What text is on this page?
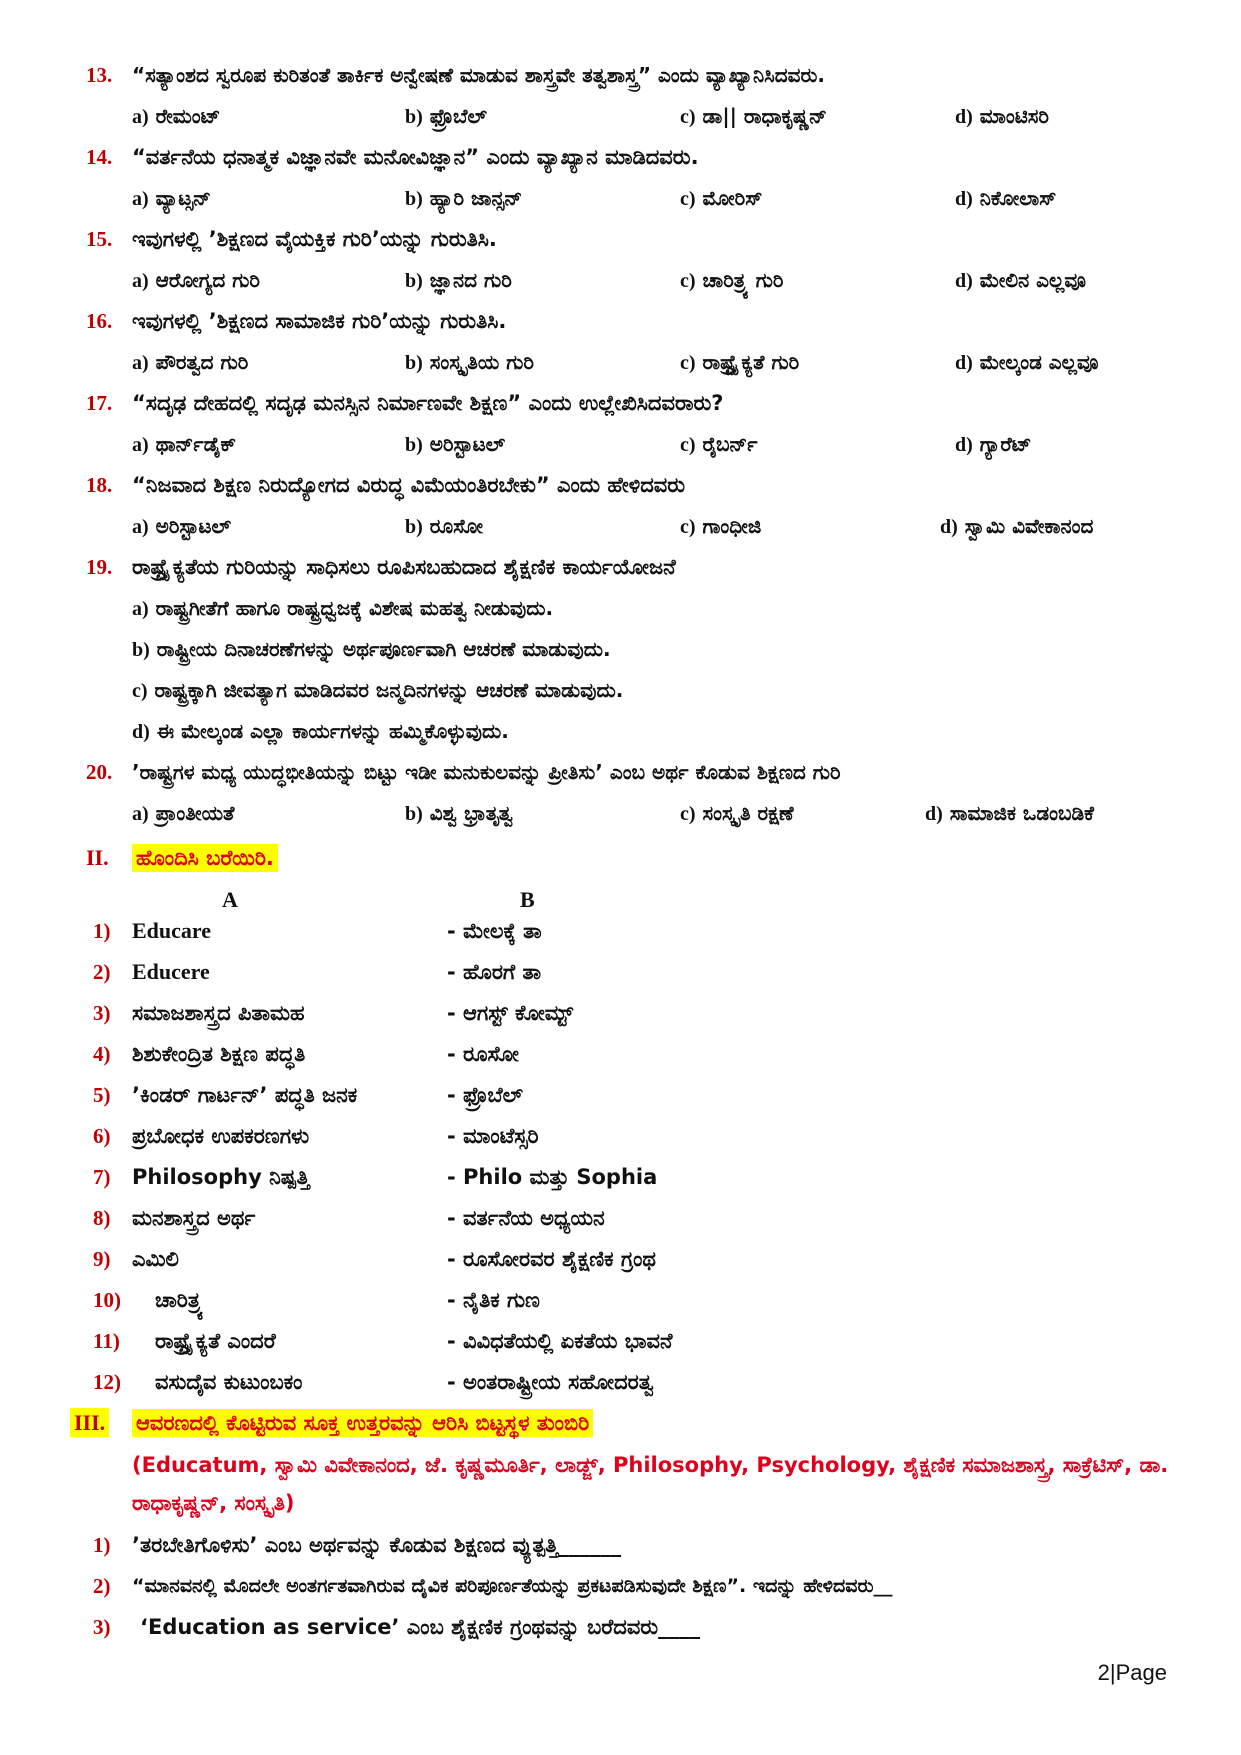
13. “ಸತ್ಯಾಂಶದ ಸ್ವರೂಪ ಕುರಿತಂತೆ ತಾರ್ಕಿಕ ಅನ್ವೇಷಣೆ ಮಾಡುವ ಶಾಸ್ತ್ರವೇ ತತ್ವಶಾಸ್ತ್ರ” ಎಂದು ವ್ಯಾಖ್ಯಾನಿಸಿದವರು.
a) ರೇಮಂಟ್	b) ಫ್ರೊಬೆಲ್	c) ಡಾ|| ರಾಧಾಕೃಷ್ಣನ್	d) ಮಾಂಟಿಸರಿ
14. “ವರ್ತನೆಯ ಧನಾತ್ಮಕ ವಿಜ್ಞಾನವೇ ಮನೋವಿಜ್ಞಾನ” ಎಂದು ವ್ಯಾಖ್ಯಾನ ಮಾಡಿದವರು.
a) ವ್ಯಾಟ್ಸನ್	b) ಹ್ಯಾರಿ ಜಾನ್ಸನ್	c) ಮೋರಿಸ್	d) ನಿಕೋಲಾಸ್
15. ಇವುಗಳಲ್ಲಿ ’ಶಿಕ್ಷಣದ ವೈಯಕ್ತಿಕ ಗುರಿ’ಯನ್ನು ಗುರುತಿಸಿ.
a) ಆರೋಗ್ಯದ ಗುರಿ	b) ಜ್ಞಾನದ ಗುರಿ	c) ಚಾರಿತ್ರ್ಯ ಗುರಿ	d) ಮೇಲಿನ ಎಲ್ಲವೂ
16. ಇವುಗಳಲ್ಲಿ ’ಶಿಕ್ಷಣದ ಸಾಮಾಜಿಕ ಗುರಿ’ಯನ್ನು ಗುರುತಿಸಿ.
a) ಪೌರತ್ವದ ಗುರಿ	b) ಸಂಸ್ಕೃತಿಯ ಗುರಿ	c) ರಾಷ್ಟ್ರೈಕ್ಯತೆ ಗುರಿ	d) ಮೇಲ್ಕಂಡ ಎಲ್ಲವೂ
17. “ಸದೃಢ ದೇಹದಲ್ಲಿ ಸದೃಢ ಮನಸ್ಸಿನ ನಿರ್ಮಾಣವೇ ಶಿಕ್ಷಣ” ಎಂದು ಉಲ್ಲೇಖಿಸಿದವರಾರು?
a) ಥಾರ್ನ್‌ಡೈಕ್	b) ಅರಿಸ್ಟಾಟಲ್	c) ರೈಬರ್ನ್	d) ಗ್ಯಾರೆಟ್
18. “ನಿಜವಾದ ಶಿಕ್ಷಣ ನಿರುದ್ಯೋಗದ ವಿರುದ್ಧ ವಿಮೆಯಂತಿರಬೇಕು” ಎಂದು ಹೇಳಿದವರು
a) ಅರಿಸ್ಟಾಟಲ್	b) ರೂಸೋ	c) ಗಾಂಧೀಜಿ	d) ಸ್ವಾಮಿ ವಿವೇಕಾನಂದ
19. ರಾಷ್ಟ್ರೈಕ್ಯತೆಯ ಗುರಿಯನ್ನು ಸಾಧಿಸಲು ರೂಪಿಸಬಹುದಾದ ಶೈಕ್ಷಣಿಕ ಕಾರ್ಯಯೋಜನೆ
a) ರಾಷ್ಟ್ರಗೀತೆಗೆ ಹಾಗೂ ರಾಷ್ಟ್ರಧ್ವಜಕ್ಕೆ ವಿಶೇಷ ಮಹತ್ವ ನೀಡುವುದು.
b) ರಾಷ್ಟ್ರೀಯ ದಿನಾಚರಣೆಗಳನ್ನು ಅರ್ಥಪೂರ್ಣವಾಗಿ ಆಚರಣೆ ಮಾಡುವುದು.
c) ರಾಷ್ಟ್ರಕ್ಕಾಗಿ ಜೀವತ್ಯಾಗ ಮಾಡಿದವರ ಜನ್ಮದಿನಗಳನ್ನು ಆಚರಣೆ ಮಾಡುವುದು.
d) ಈ ಮೇಲ್ಕಂಡ ಎಲ್ಲಾ ಕಾರ್ಯಗಳನ್ನು ಹಮ್ಮಿಕೊಳ್ಳುವುದು.
20. ’ರಾಷ್ಟ್ರಗಳ ಮಧ್ಯ ಯುದ್ಧಭೀತಿಯನ್ನು ಬಿಟ್ಟು ಇಡೀ ಮನುಕುಲವನ್ನು ಪ್ರೀತಿಸು’ ಎಂಬ ಅರ್ಥ ಕೊಡುವ ಶಿಕ್ಷಣದ ಗುರಿ
a) ಪ್ರಾಂತೀಯತೆ	b) ವಿಶ್ವ ಭ್ರಾತೃತ್ವ	c) ಸಂಸ್ಕೃತಿ ರಕ್ಷಣೆ	d) ಸಾಮಾಜಿಕ ಒಡಂಬಡಿಕೆ
II. ಹೊಂದಿಸಿ ಬರೆಯಿರಿ.
A	B
1) Educare	- ಮೇಲಕ್ಕೆ ತಾ
2) Educere	- ಹೊರಗೆ ತಾ
3) ಸಮಾಜಶಾಸ್ತ್ರದ ಪಿತಾಮಹ	- ಆಗಸ್ಟ್ ಕೋಮ್ಟ್
4) ಶಿಶುಕೇಂದ್ರಿತ ಶಿಕ್ಷಣ ಪದ್ಧತಿ	- ರೂಸೋ
5) ’ಕಿಂಡರ್ ಗಾರ್ಟನ್’ ಪದ್ಧತಿ ಜನಕ	- ಫ್ರೊಬೆಲ್
6) ಪ್ರಬೋಧಕ ಉಪಕರಣಗಳು	- ಮಾಂಟೆಸ್ಸರಿ
7) Philosophy ನಿಷ್ಪತ್ತಿ	- Philo ಮತ್ತು Sophia
8) ಮನಶಾಸ್ತ್ರದ ಅರ್ಥ	- ವರ್ತನೆಯ ಅಧ್ಯಯನ
9) ಎಮಿಲಿ	- ರೂಸೋರವರ ಶೈಕ್ಷಣಿಕ ಗ್ರಂಥ
10) ಚಾರಿತ್ರ್ಯ	- ನೈತಿಕ ಗುಣ
11) ರಾಷ್ಟ್ರೈಕ್ಯತೆ ಎಂದರೆ	- ವಿವಿಧತೆಯಲ್ಲಿ ಏಕತೆಯ ಭಾವನೆ
12) ವಸುದೈವ ಕುಟುಂಬಕಂ	- ಅಂತರಾಷ್ಟ್ರೀಯ ಸಹೋದರತ್ವ
III. ಆವರಣದಲ್ಲಿ ಕೊಟ್ಟಿರುವ ಸೂಕ್ತ ಉತ್ತರವನ್ನು ಆರಿಸಿ ಬಿಟ್ಟಸ್ಥಳ ತುಂಬಿರಿ
(Educatum, ಸ್ವಾಮಿ ವಿವೇಕಾನಂದ, ಜೆ. ಕೃಷ್ಣಮೂರ್ತಿ, ಲಾಡ್ಜ್, Philosophy, Psychology, ಶೈಕ್ಷಣಿಕ ಸಮಾಜಶಾಸ್ತ್ರ, ಸಾಕ್ರೆಟಿಸ್, ಡಾ. ರಾಧಾಕೃಷ್ಣನ್, ಸಂಸ್ಕೃತಿ)
1) ’ತರಬೇತಿಗೊಳಿಸು’ ಎಂಬ ಅರ್ಥವನ್ನು ಕೊಡುವ ಶಿಕ್ಷಣದ ವ್ಯುತ್ಪತ್ತಿ______
2) “ಮಾನವನಲ್ಲಿ ಮೊದಲೇ ಅಂತರ್ಗತವಾಗಿರುವ ದೈವಿಕ ಪರಿಪೂರ್ಣತೆಯನ್ನು ಪ್ರಕಟಪಡಿಸುವುದೇ ಶಿಕ್ಷಣ”. ಇದನ್ನು ಹೇಳಿದವರು__
3) ‘Education as service’ ಎಂಬ ಶೈಕ್ಷಣಿಕ ಗ್ರಂಥವನ್ನು ಬರೆದವರು____
2|Page
